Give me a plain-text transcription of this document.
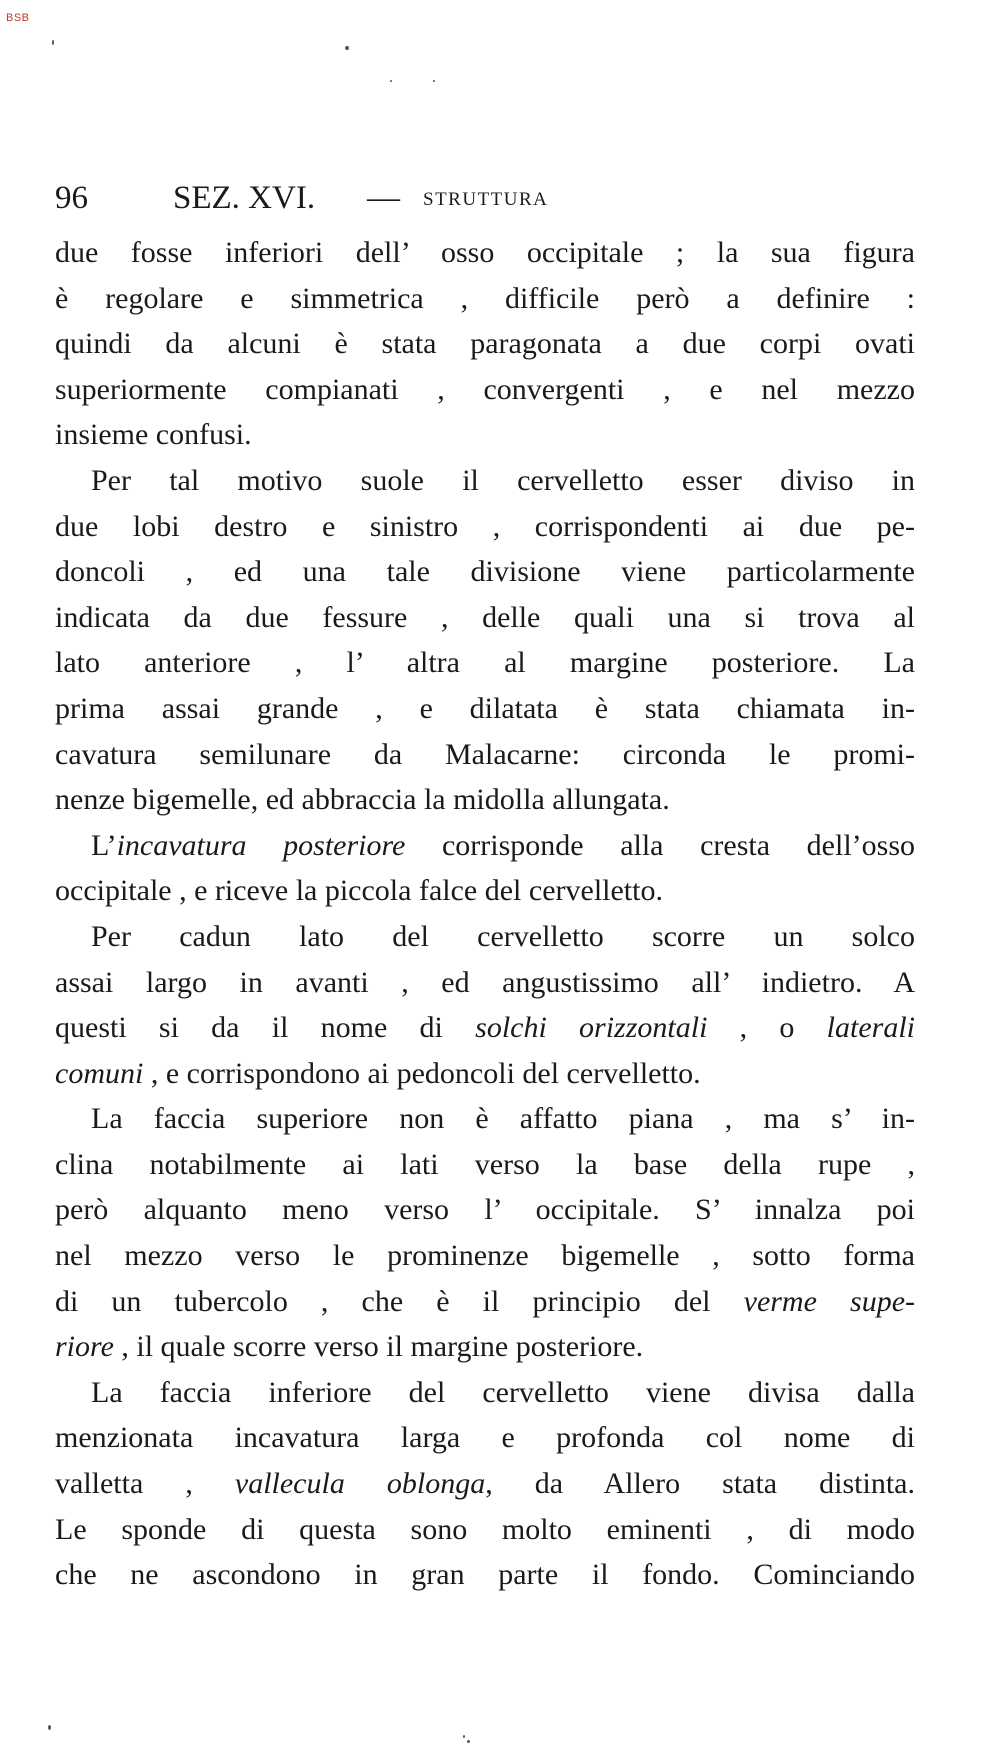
BSB
96	SEZ. XVI. — STRUTTURA
due fosse inferiori dell’ osso occipitale ; la sua figura
è regolare e simmetrica , difficile però a definire :
quindi da alcuni è stata paragonata a due corpi ovati
superiormente compianati , convergenti , e nel mezzo
insieme confusi.
Per tal motivo suole il cervelletto esser diviso in
due lobi destro e sinistro , corrispondenti ai due pe-
doncoli , ed una tale divisione viene particolarmente
indicata da due fessure , delle quali una si trova al
lato anteriore , l’ altra al margine posteriore. La
prima assai grande , e dilatata è stata chiamata in-
cavatura semilunare da Malacarne: circonda le promi-
nenze bigemelle, ed abbraccia la midolla allungata.
L’incavatura posteriore corrisponde alla cresta dell’osso
occipitale , e riceve la piccola falce del cervelletto.
Per cadun lato del cervelletto scorre un solco
assai largo in avanti , ed angustissimo all’ indietro. A
questi si da il nome di solchi orizzontali , o laterali
comuni , e corrispondono ai pedoncoli del cervelletto.
La faccia superiore non è affatto piana , ma s’ in-
clina notabilmente ai lati verso la base della rupe ,
però alquanto meno verso l’ occipitale. S’ innalza poi
nel mezzo verso le prominenze bigemelle , sotto forma
di un tubercolo , che è il principio del verme supe-
riore , il quale scorre verso il margine posteriore.
La faccia inferiore del cervelletto viene divisa dalla
menzionata incavatura larga e profonda col nome di
valletta , vallecula oblonga, da Allero stata distinta.
Le sponde di questa sono molto eminenti , di modo
che ne ascondono in gran parte il fondo. Cominciando
